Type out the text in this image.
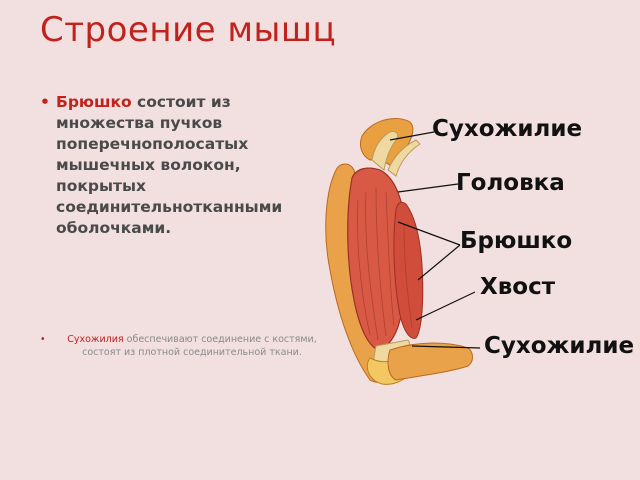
Строение мышц
• Брюшко состоит из множества пучков поперечнополосатых мышечных волокон, покрытых соединительнотканными оболочками.
•	Сухожилия обеспечивают соединение с костями, состоят из плотной соединительной ткани.
Сухожилие
Головка
Брюшко
Хвост
Сухожилие
